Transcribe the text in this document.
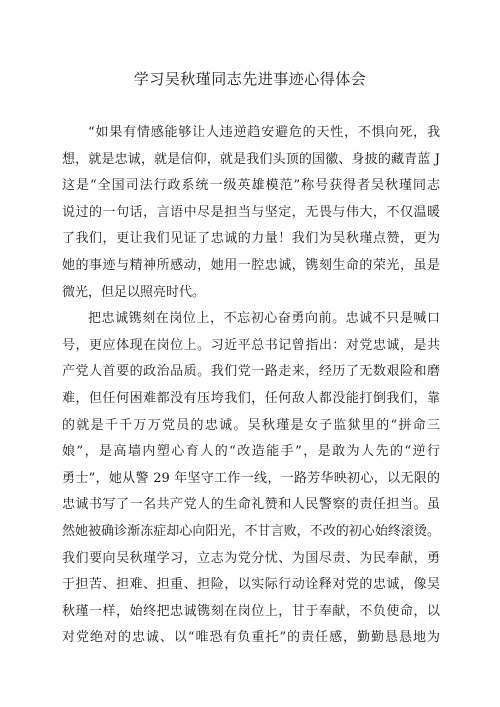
学习吴秋瑾同志先进事迹心得体会
“如果有情感能够让人违逆趋安避危的天性，不惧向死，我
想，就是忠诚，就是信仰，就是我们头顶的国徽、身披的藏青蓝 J
这是“全国司法行政系统一级英雄模范”称号获得者吴秋瑾同志
说过的一句话，言语中尽是担当与坚定，无畏与伟大，不仅温暖
了我们，更让我们见证了忠诚的力量！我们为吴秋瑾点赞，更为
她的事迹与精神所感动，她用一腔忠诚，镌刻生命的荣光，虽是
微光，但足以照亮时代。
把忠诚镌刻在岗位上，不忘初心奋勇向前。忠诚不只是喊口
号，更应体现在岗位上。习近平总书记曾指出：对党忠诚，是共
产党人首要的政治品质。我们党一路走来，经历了无数艰险和磨
难，但任何困难都没有压垮我们，任何敌人都没能打倒我们，靠
的就是千千万万党员的忠诚。吴秋瑾是女子监狱里的“拼命三
娘”，是高墙内塑心育人的“改造能手”，是敢为人先的“逆行
勇士”，她从警 29 年坚守工作一线，一路芳华映初心，以无限的
忠诚书写了一名共产党人的生命礼赞和人民警察的责任担当。虽
然她被确诊渐冻症却心向阳光，不甘言败，不改的初心始终滚烫。
我们要向吴秋瑾学习，立志为党分忧、为国尽责、为民奉献，勇
于担苦、担难、担重、担险，以实际行动诠释对党的忠诚，像吴
秋瑾一样，始终把忠诚镌刻在岗位上，甘于奉献，不负使命，以
对党绝对的忠诚、以“唯恐有负重托”的责任感，勤勤恳恳地为
